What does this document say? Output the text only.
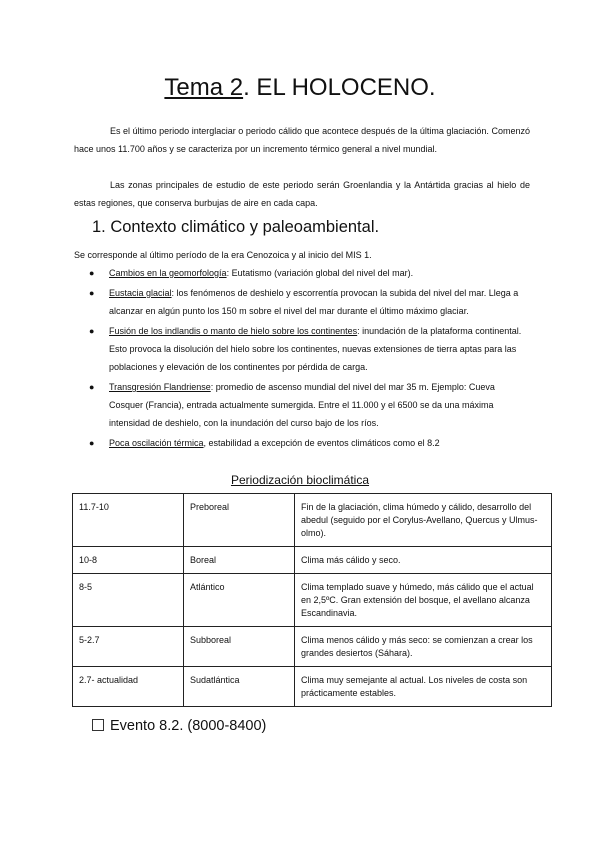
Tema 2. EL HOLOCENO.

Es el último periodo interglaciar o periodo cálido que acontece después de la última glaciación. Comenzó hace unos 11.700 años y se caracteriza por un incremento térmico general a nivel mundial.

Las zonas principales de estudio de este periodo serán Groenlandia y la Antártida gracias al hielo de estas regiones, que conserva burbujas de aire en cada capa.

1. Contexto climático y paleoambiental.

Se corresponde al último período de la era Cenozoica y al inicio del MIS 1.

● Cambios en la geomorfología: Eutatismo (variación global del nivel del mar).
● Eustacia glacial: los fenómenos de deshielo y escorrentía provocan la subida del nivel del mar. Llega a alcanzar en algún punto los 150 m sobre el nivel del mar durante el último máximo glaciar.
● Fusión de los indlandis o manto de hielo sobre los continentes: inundación de la plataforma continental. Esto provoca la disolución del hielo sobre los continentes, nuevas extensiones de tierra aptas para las poblaciones y elevación de los continentes por pérdida de carga.
● Transgresión Flandriense: promedio de ascenso mundial del nivel del mar 35 m. Ejemplo: Cueva Cosquer (Francia), entrada actualmente sumergida. Entre el 11.000 y el 6500 se da una máxima intensidad de deshielo, con la inundación del curso bajo de los ríos.
● Poca oscilación térmica, estabilidad a excepción de eventos climáticos como el 8.2

Periodización bioclimática

11.7-10	Preboreal	Fin de la glaciación, clima húmedo y cálido, desarrollo del abedul (seguido por el Corylus-Avellano, Quercus y Ulmus-olmo).
10-8	Boreal	Clima más cálido y seco.
8-5	Atlántico	Clima templado suave y húmedo, más cálido que el actual en 2,5ºC. Gran extensión del bosque, el avellano alcanza Escandinavia.
5-2.7	Subboreal	Clima menos cálido y más seco: se comienzan a crear los grandes desiertos (Sáhara).
2.7- actualidad	Sudatlántica	Clima muy semejante al actual. Los niveles de costa son prácticamente estables.

Evento 8.2. (8000-8400)
